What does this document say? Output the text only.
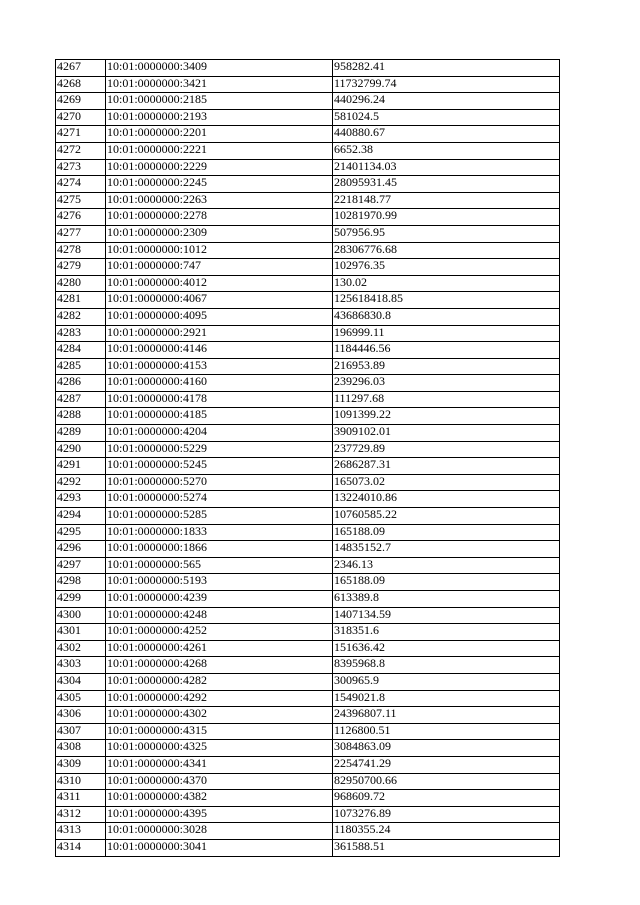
4267	10:01:0000000:3409	958282.41
4268	10:01:0000000:3421	11732799.74
4269	10:01:0000000:2185	440296.24
4270	10:01:0000000:2193	581024.5
4271	10:01:0000000:2201	440880.67
4272	10:01:0000000:2221	6652.38
4273	10:01:0000000:2229	21401134.03
4274	10:01:0000000:2245	28095931.45
4275	10:01:0000000:2263	2218148.77
4276	10:01:0000000:2278	10281970.99
4277	10:01:0000000:2309	507956.95
4278	10:01:0000000:1012	28306776.68
4279	10:01:0000000:747	102976.35
4280	10:01:0000000:4012	130.02
4281	10:01:0000000:4067	125618418.85
4282	10:01:0000000:4095	43686830.8
4283	10:01:0000000:2921	196999.11
4284	10:01:0000000:4146	1184446.56
4285	10:01:0000000:4153	216953.89
4286	10:01:0000000:4160	239296.03
4287	10:01:0000000:4178	111297.68
4288	10:01:0000000:4185	1091399.22
4289	10:01:0000000:4204	3909102.01
4290	10:01:0000000:5229	237729.89
4291	10:01:0000000:5245	2686287.31
4292	10:01:0000000:5270	165073.02
4293	10:01:0000000:5274	13224010.86
4294	10:01:0000000:5285	10760585.22
4295	10:01:0000000:1833	165188.09
4296	10:01:0000000:1866	14835152.7
4297	10:01:0000000:565	2346.13
4298	10:01:0000000:5193	165188.09
4299	10:01:0000000:4239	613389.8
4300	10:01:0000000:4248	1407134.59
4301	10:01:0000000:4252	318351.6
4302	10:01:0000000:4261	151636.42
4303	10:01:0000000:4268	8395968.8
4304	10:01:0000000:4282	300965.9
4305	10:01:0000000:4292	1549021.8
4306	10:01:0000000:4302	24396807.11
4307	10:01:0000000:4315	1126800.51
4308	10:01:0000000:4325	3084863.09
4309	10:01:0000000:4341	2254741.29
4310	10:01:0000000:4370	82950700.66
4311	10:01:0000000:4382	968609.72
4312	10:01:0000000:4395	1073276.89
4313	10:01:0000000:3028	1180355.24
4314	10:01:0000000:3041	361588.51
